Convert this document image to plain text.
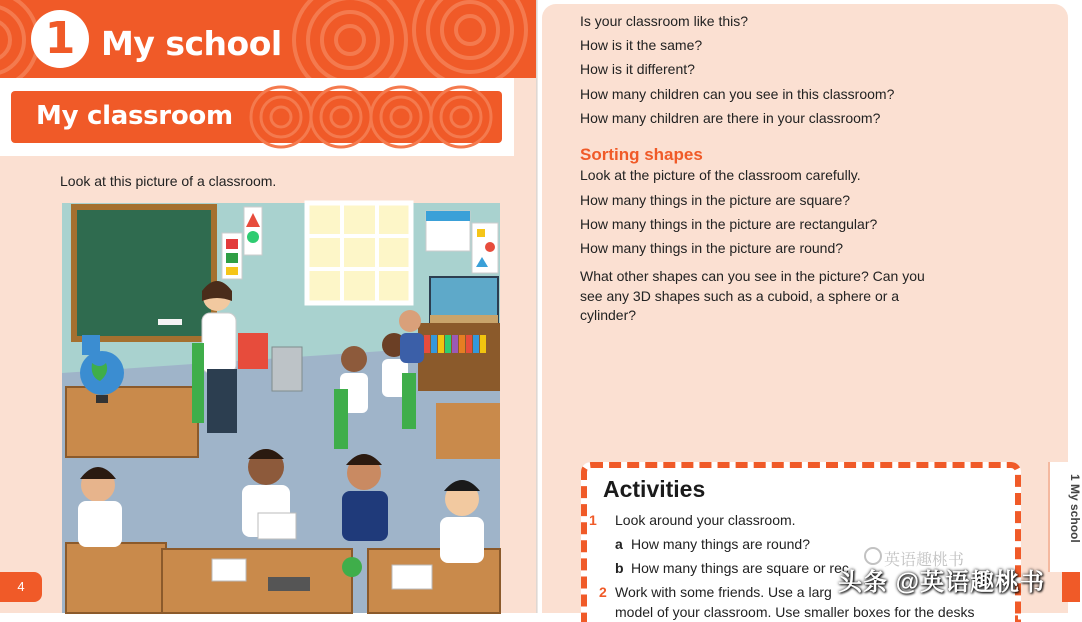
1 My school
My classroom
Look at this picture of a classroom.
4
Is your classroom like this?
How is it the same?
How is it different?
How many children can you see in this classroom?
How many children are there in your classroom?
Sorting shapes
Look at the picture of the classroom carefully.
How many things in the picture are square?
How many things in the picture are rectangular?
How many things in the picture are round?
What other shapes can you see in the picture? Can you see any 3D shapes such as a cuboid, a sphere or a cylinder?
Activities
1 Look around your classroom.
a How many things are round?
b How many things are square or rec
2 Work with some friends. Use a larg
model of your classroom. Use smaller boxes for the desks
1 My school
英语趣桃书
头条 @英语趣桃书
